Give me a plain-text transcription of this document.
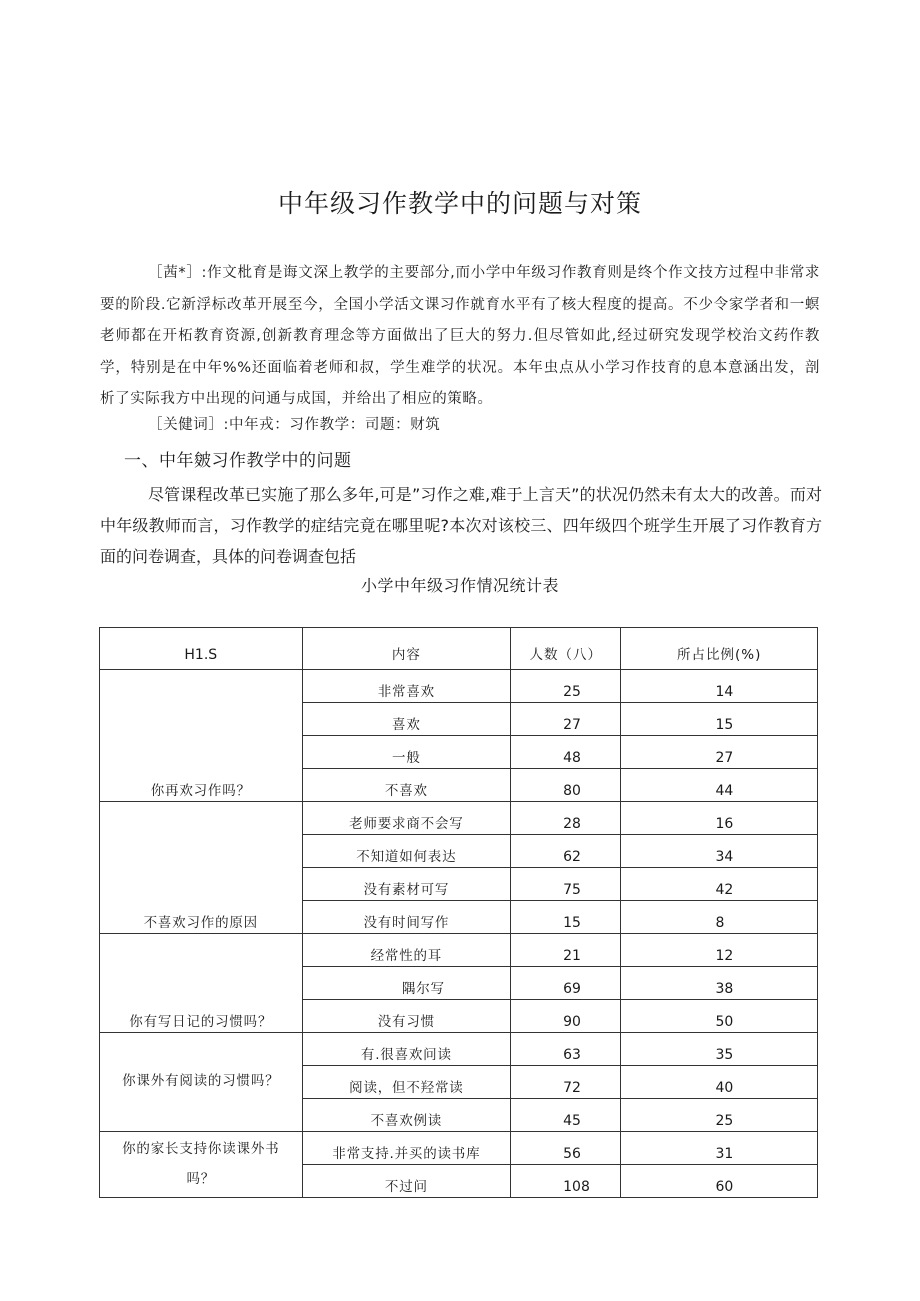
中年级习作教学中的问题与对策

［茜*］:作文枇育是诲文深上教学的主要部分,而小学中年级习作教育则是终个作文技方过程中非常求要的阶段.它新浮标改革开展至今，全国小学活文课习作就育水平有了核大程度的提高。不少令家学者和一螟老师都在开柘教育资源,创新教育理念等方面做出了巨大的努力.但尽管如此,经过研究发现学校治文药作教学，特别是在中年%%还面临着老师和叔，学生难学的状况。本年虫点从小学习作技育的息本意涵出发，剖析了实际我方中出现的问通与成国，并给出了相应的策略。

［关健词］:中年戎：习作教学：司题：财筑
一、中年皴习作教学中的问题

尽管课程改革已实施了那么多年,可是”习作之难,难于上言天”的状况仍然未有太大的改善。而对中年级教师而言，习作教学的症结完竟在哪里呢?本次对该校三、四年级四个班学生开展了习作教育方面的问卷调查，具体的问卷调查包括

小学中年级习作情况统计表
H1.S	内容	人数（八）	所占比例(%)
你再欢习作吗？	非常喜欢	25	14
	喜欢	27	15
	一般	48	27
	不喜欢	80	44
不喜欢习作的原因	老师要求商不会写	28	16
	不知道如何表达	62	34
	没有素材可写	75	42
	没有时间写作	15	8
你有写日记的习惯吗？	经常性的耳	21	12
	隅尔写	69	38
	没有习惯	90	50
你课外有阅读的习惯吗？	有.很喜欢问读	63	35
	阅读，但不羟常读	72	40
	不喜欢例读	45	25

你的家长支持你读课外书
吗？	非常支持.并买的读书库	56	31
	不过问	108	60
